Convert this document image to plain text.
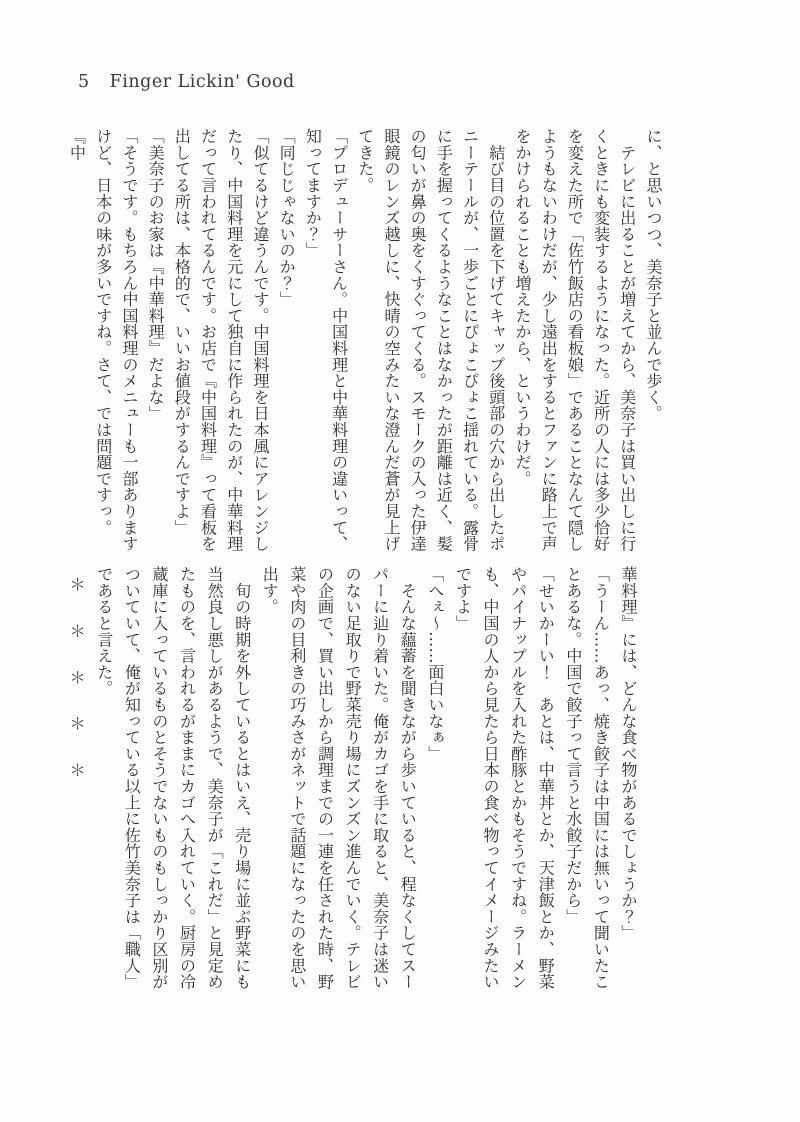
5 Finger Lickin' Good

に、と思いつつ、美奈子と並んで歩く。

　テレビに出ることが増えてから、美奈子は買い出しに行

くときにも変装するようになった。近所の人には多少恰好

を変えた所で「佐竹飯店の看板娘」であることなんて隠し

ようもないわけだが、少し遠出をするとファンに路上で声

をかけられることも増えたから、というわけだ。

　結び目の位置を下げてキャップ後頭部の穴から出したポ

ニーテールが、一歩ごとにぴょこぴょこ揺れている。露骨

に手を握ってくるようなことはなかったが距離は近く、髪

の匂いが鼻の奥をくすぐってくる。スモークの入った伊達

眼鏡のレンズ越しに、快晴の空みたいな澄んだ蒼が見上げ

てきた。

「プロデューサーさん。中国料理と中華料理の違いって、

知ってますか？」

「同じじゃないのか？」

「似てるけど違うんです。中国料理を日本風にアレンジし

たり、中国料理を元にして独自に作られたのが、中華料理

だって言われてるんです。お店で『中国料理』って看板を

出してる所は、本格的で、いいお値段がするんですよ」

「美奈子のお家は『中華料理』だよな」

「そうです。もちろん中国料理のメニューも一部あります

けど、日本の味が多いですね。さて、では問題ですっ。『中

華料理』には、どんな食べ物があるでしょうか？」

「うーん……あっ、焼き餃子は中国には無いって聞いたこ

とあるな。中国で餃子って言うと水餃子だから」

「せいかーい！　あとは、中華丼とか、天津飯とか、野菜

やパイナップルを入れた酢豚とかもそうですね。ラーメン

も、中国の人から見たら日本の食べ物ってイメージみたい

ですよ」

「へぇ〜……面白いなぁ」

　そんな蘊蓄を聞きながら歩いていると、程なくしてスー

パーに辿り着いた。俺がカゴを手に取ると、美奈子は迷い

のない足取りで野菜売り場にズンズン進んでいく。テレビ

の企画で、買い出しから調理までの一連を任された時、野

菜や肉の目利きの巧みさがネットで話題になったのを思い

出す。

　旬の時期を外しているとはいえ、売り場に並ぶ野菜にも

当然良し悪しがあるようで、美奈子が「これだ」と見定め

たものを、言われるがままにカゴへ入れていく。厨房の冷

蔵庫に入っているものとそうでないものもしっかり区別が

ついていて、俺が知っている以上に佐竹美奈子は「職人」

であると言えた。

＊＊＊＊＊
